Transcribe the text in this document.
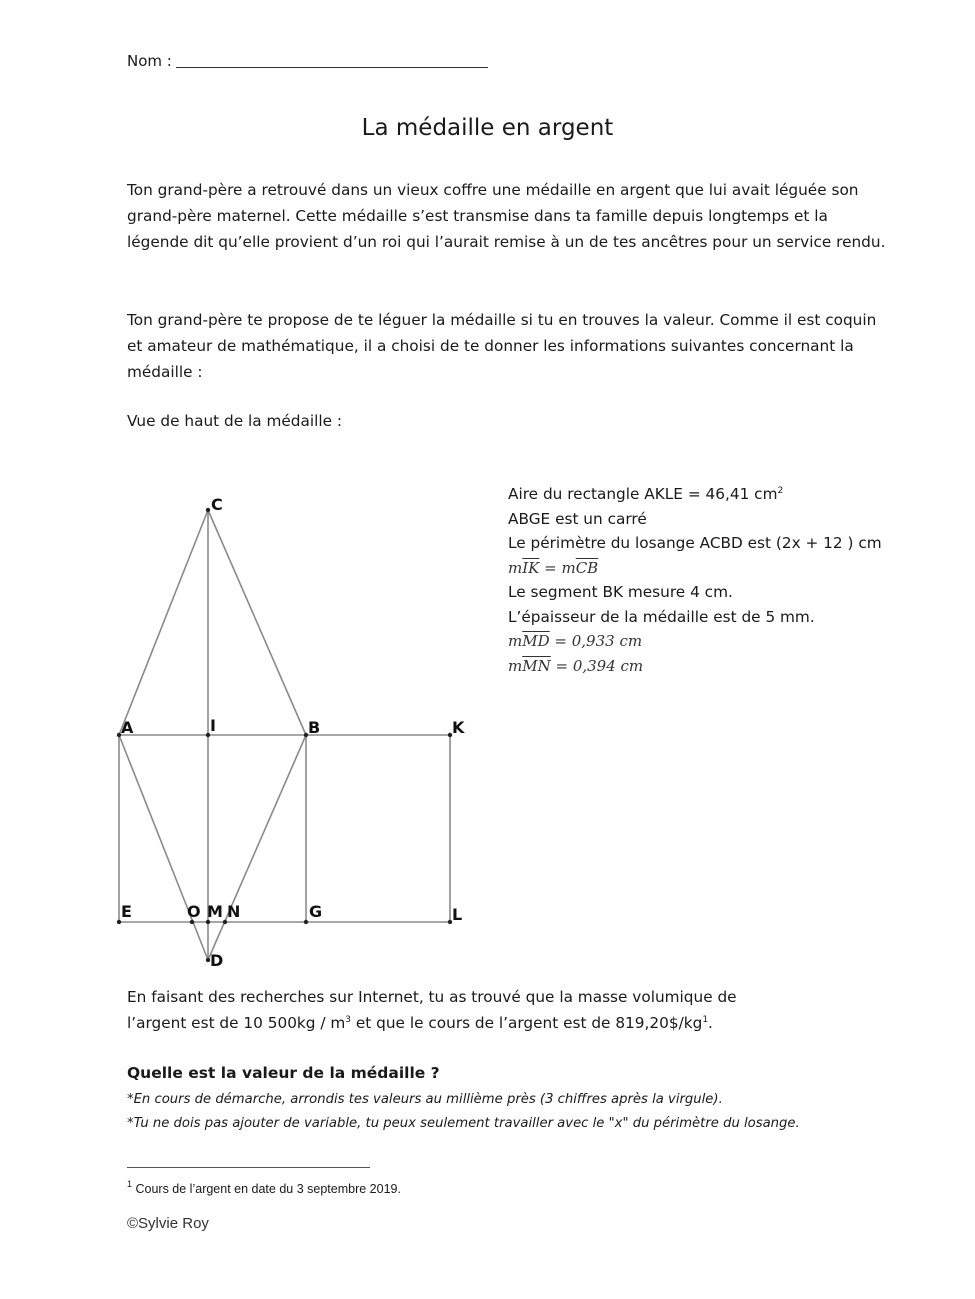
Nom :
La médaille en argent
Ton grand-père a retrouvé dans un vieux coffre une médaille en argent que lui avait léguée son grand-père maternel. Cette médaille s’est transmise dans ta famille depuis longtemps et la légende dit qu’elle provient d’un roi qui l’aurait remise à un de tes ancêtres pour un service rendu.
Ton grand-père te propose de te léguer la médaille si tu en trouves la valeur. Comme il est coquin et amateur de mathématique, il a choisi de te donner les informations suivantes concernant la médaille :
Vue de haut de la médaille :
Aire du rectangle AKLE = 46,41 $cm^2$
ABGE est un carré
Le périmètre du losange ACBD est (2x + 12 ) cm
$m\overline{IK} = m\overline{CB}$
Le segment BK mesure 4 cm.
L’épaisseur de la médaille est de 5 mm.
$m\overline{MD} = 0,933$ cm
$m\overline{MN} = 0,394$ cm
C
A	I	B	K
E	O M N	G	L
D
En faisant des recherches sur Internet, tu as trouvé que la masse volumique de
l’argent est de 10 $500kg / m^3$ et que le cours de l’argent est de $819,20\$/kg^1$.
Quelle est la valeur de la médaille ?
*En cours de démarche, arrondis tes valeurs au millième près (3 chiffres après la virgule).
*Tu ne dois pas ajouter de variable, tu peux seulement travailler avec le "x" du périmètre du losange.
$^1$ Cours de l’argent en date du 3 septembre 2019.
©Sylvie Roy
